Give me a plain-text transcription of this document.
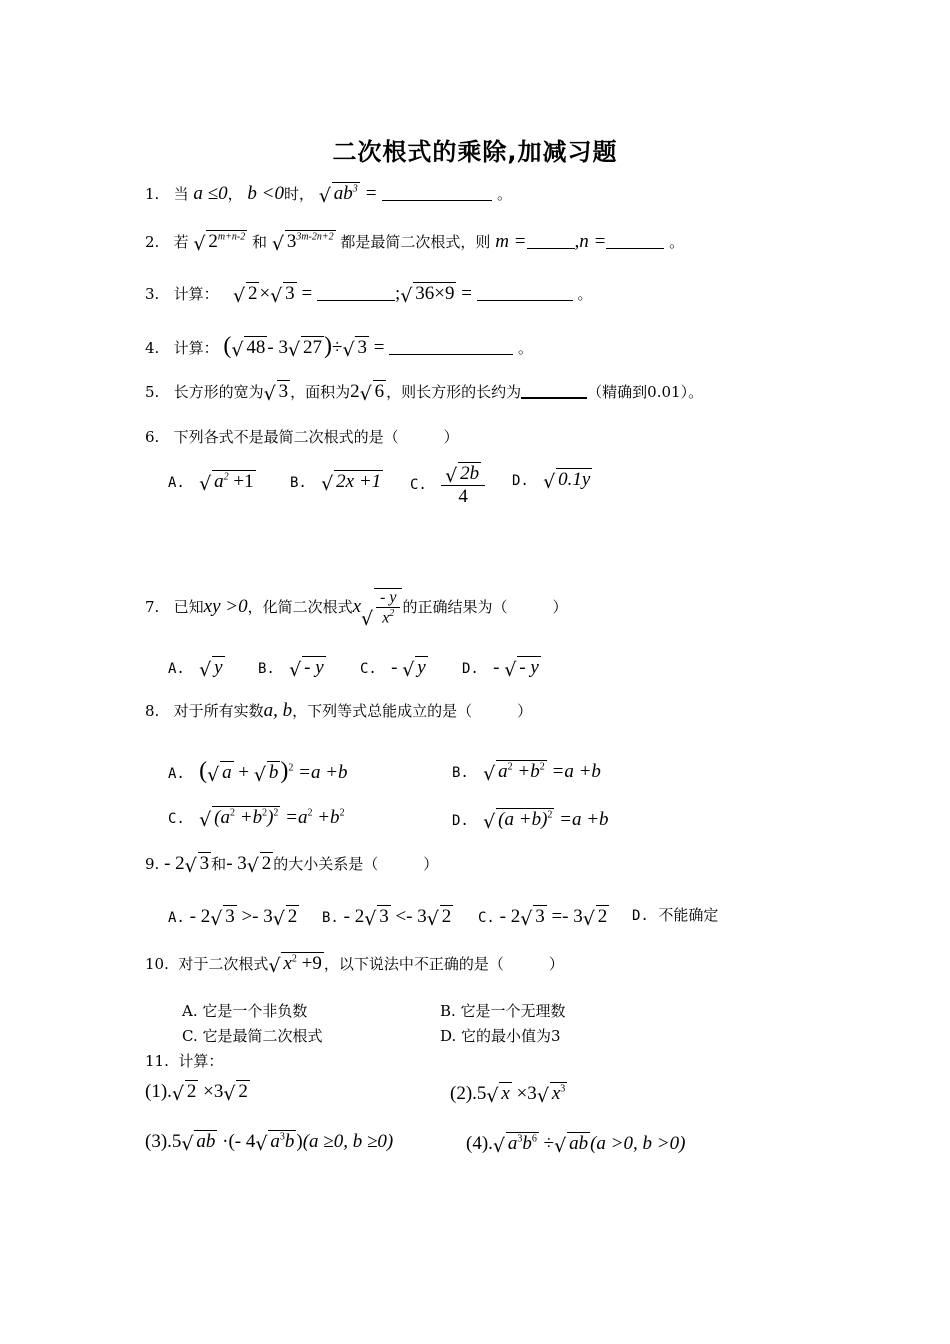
二次根式的乘除,加减习题
1. 当 a ≤0， b <0时， √ $ab^3$ =	。
2. 若 √ $2^{m+n-2}$ 和 √ $3^{3m-2n+2}$ 都是最简二次根式，则 m =	,n =	。
3. 计算： √ 2 × √ 3 =	; √ 36×9 =	。
4. 计算： ( √ 48 - 3 √ 27)÷ √ 3 =	。
5. 长方形的宽为 √ 3 ，面积为2 √ 6 ，则长方形的长约为	（精确到0.01）。
6. 下列各式不是最简二次根式的是（　　　）
A. √ $a^2 +1$	B. √ 2x +1 C. √ $\frac{2b}{4} D$. √ 0.1y
7. 已知xy >0，化简二次根式x √ $\frac{- y}{x^2}$ 的正确结果为（　　　）
A. √ y	B. √ - y	C. - √ y	D. - √ - y
8. 对于所有实数a, b，下列等式总能成立的是（　　　）
A. ( √ a + √ b)$^2$ =a +b	B. √ $a^2 +b^2 =a +b$
C. √ $(a^2 +b^2)^2 =a^2 +b^2$	D. √ $(a +b)^2 =a +b$
9. - 2 √ 3 和- 3 √ 2 的大小关系是（　　　）
A. - 2 √ 3 >- 3 √ 2 B. - 2 √ 3 <- 3 √ 2 C. - 2 √ 3 =- 3 √ 2 D. 不能确定
10. 对于二次根式 √ $x^2 +9$ ，以下说法中不正确的是（　　　）
A. 它是一个非负数	B. 它是一个无理数
C. 它是最简二次根式	D. 它的最小值为3
11. 计算：
(1). √ 2 ×3 √ 2	(2).5 √ x ×3 √ $x^3$
(3).5 √ ab ·(- 4 √ $a^3b$ )(a ≥0, b ≥0)	(4). √ $a^3b^6$ ÷ √ ab (a >0, b >0)
